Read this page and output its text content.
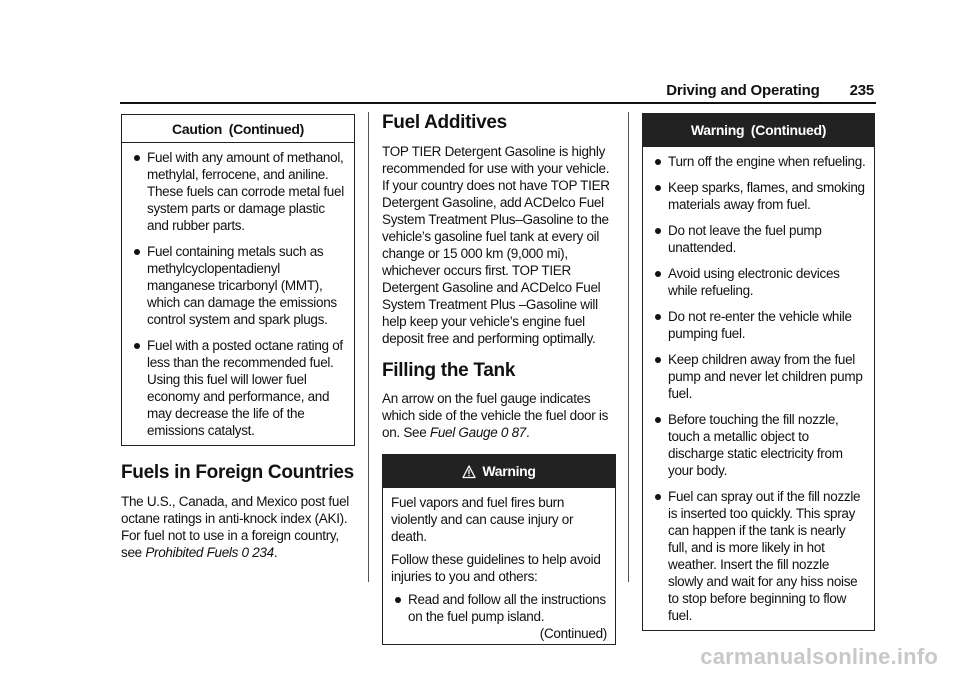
Driving and Operating 235
Caution (Continued)
Fuel with any amount of methanol, methylal, ferrocene, and aniline. These fuels can corrode metal fuel system parts or damage plastic and rubber parts.
Fuel containing metals such as methylcyclopentadienyl manganese tricarbonyl (MMT), which can damage the emissions control system and spark plugs.
Fuel with a posted octane rating of less than the recommended fuel. Using this fuel will lower fuel economy and performance, and may decrease the life of the emissions catalyst.
Fuels in Foreign Countries

The U.S., Canada, and Mexico post fuel octane ratings in anti-knock index (AKI). For fuel not to use in a foreign country, see Prohibited Fuels 0 234.

Fuel Additives

TOP TIER Detergent Gasoline is highly recommended for use with your vehicle. If your country does not have TOP TIER Detergent Gasoline, add ACDelco Fuel System Treatment Plus–Gasoline to the vehicle’s gasoline fuel tank at every oil change or 15 000 km (9,000 mi), whichever occurs first. TOP TIER Detergent Gasoline and ACDelco Fuel System Treatment Plus –Gasoline will help keep your vehicle’s engine fuel deposit free and performing optimally.

Filling the Tank

An arrow on the fuel gauge indicates which side of the vehicle the fuel door is on. See Fuel Gauge 0 87.

Warning

Fuel vapors and fuel fires burn violently and can cause injury or death.

Follow these guidelines to help avoid injuries to you and others:

Read and follow all the instructions on the fuel pump island.
(Continued)
Warning (Continued)
Turn off the engine when refueling.
Keep sparks, flames, and smoking materials away from fuel.
Do not leave the fuel pump unattended.
Avoid using electronic devices while refueling.
Do not re-enter the vehicle while pumping fuel.
Keep children away from the fuel pump and never let children pump fuel.
Before touching the fill nozzle, touch a metallic object to discharge static electricity from your body.
Fuel can spray out if the fill nozzle is inserted too quickly. This spray can happen if the tank is nearly full, and is more likely in hot weather. Insert the fill nozzle slowly and wait for any hiss noise to stop before beginning to flow fuel.
carmanualsonline.info
